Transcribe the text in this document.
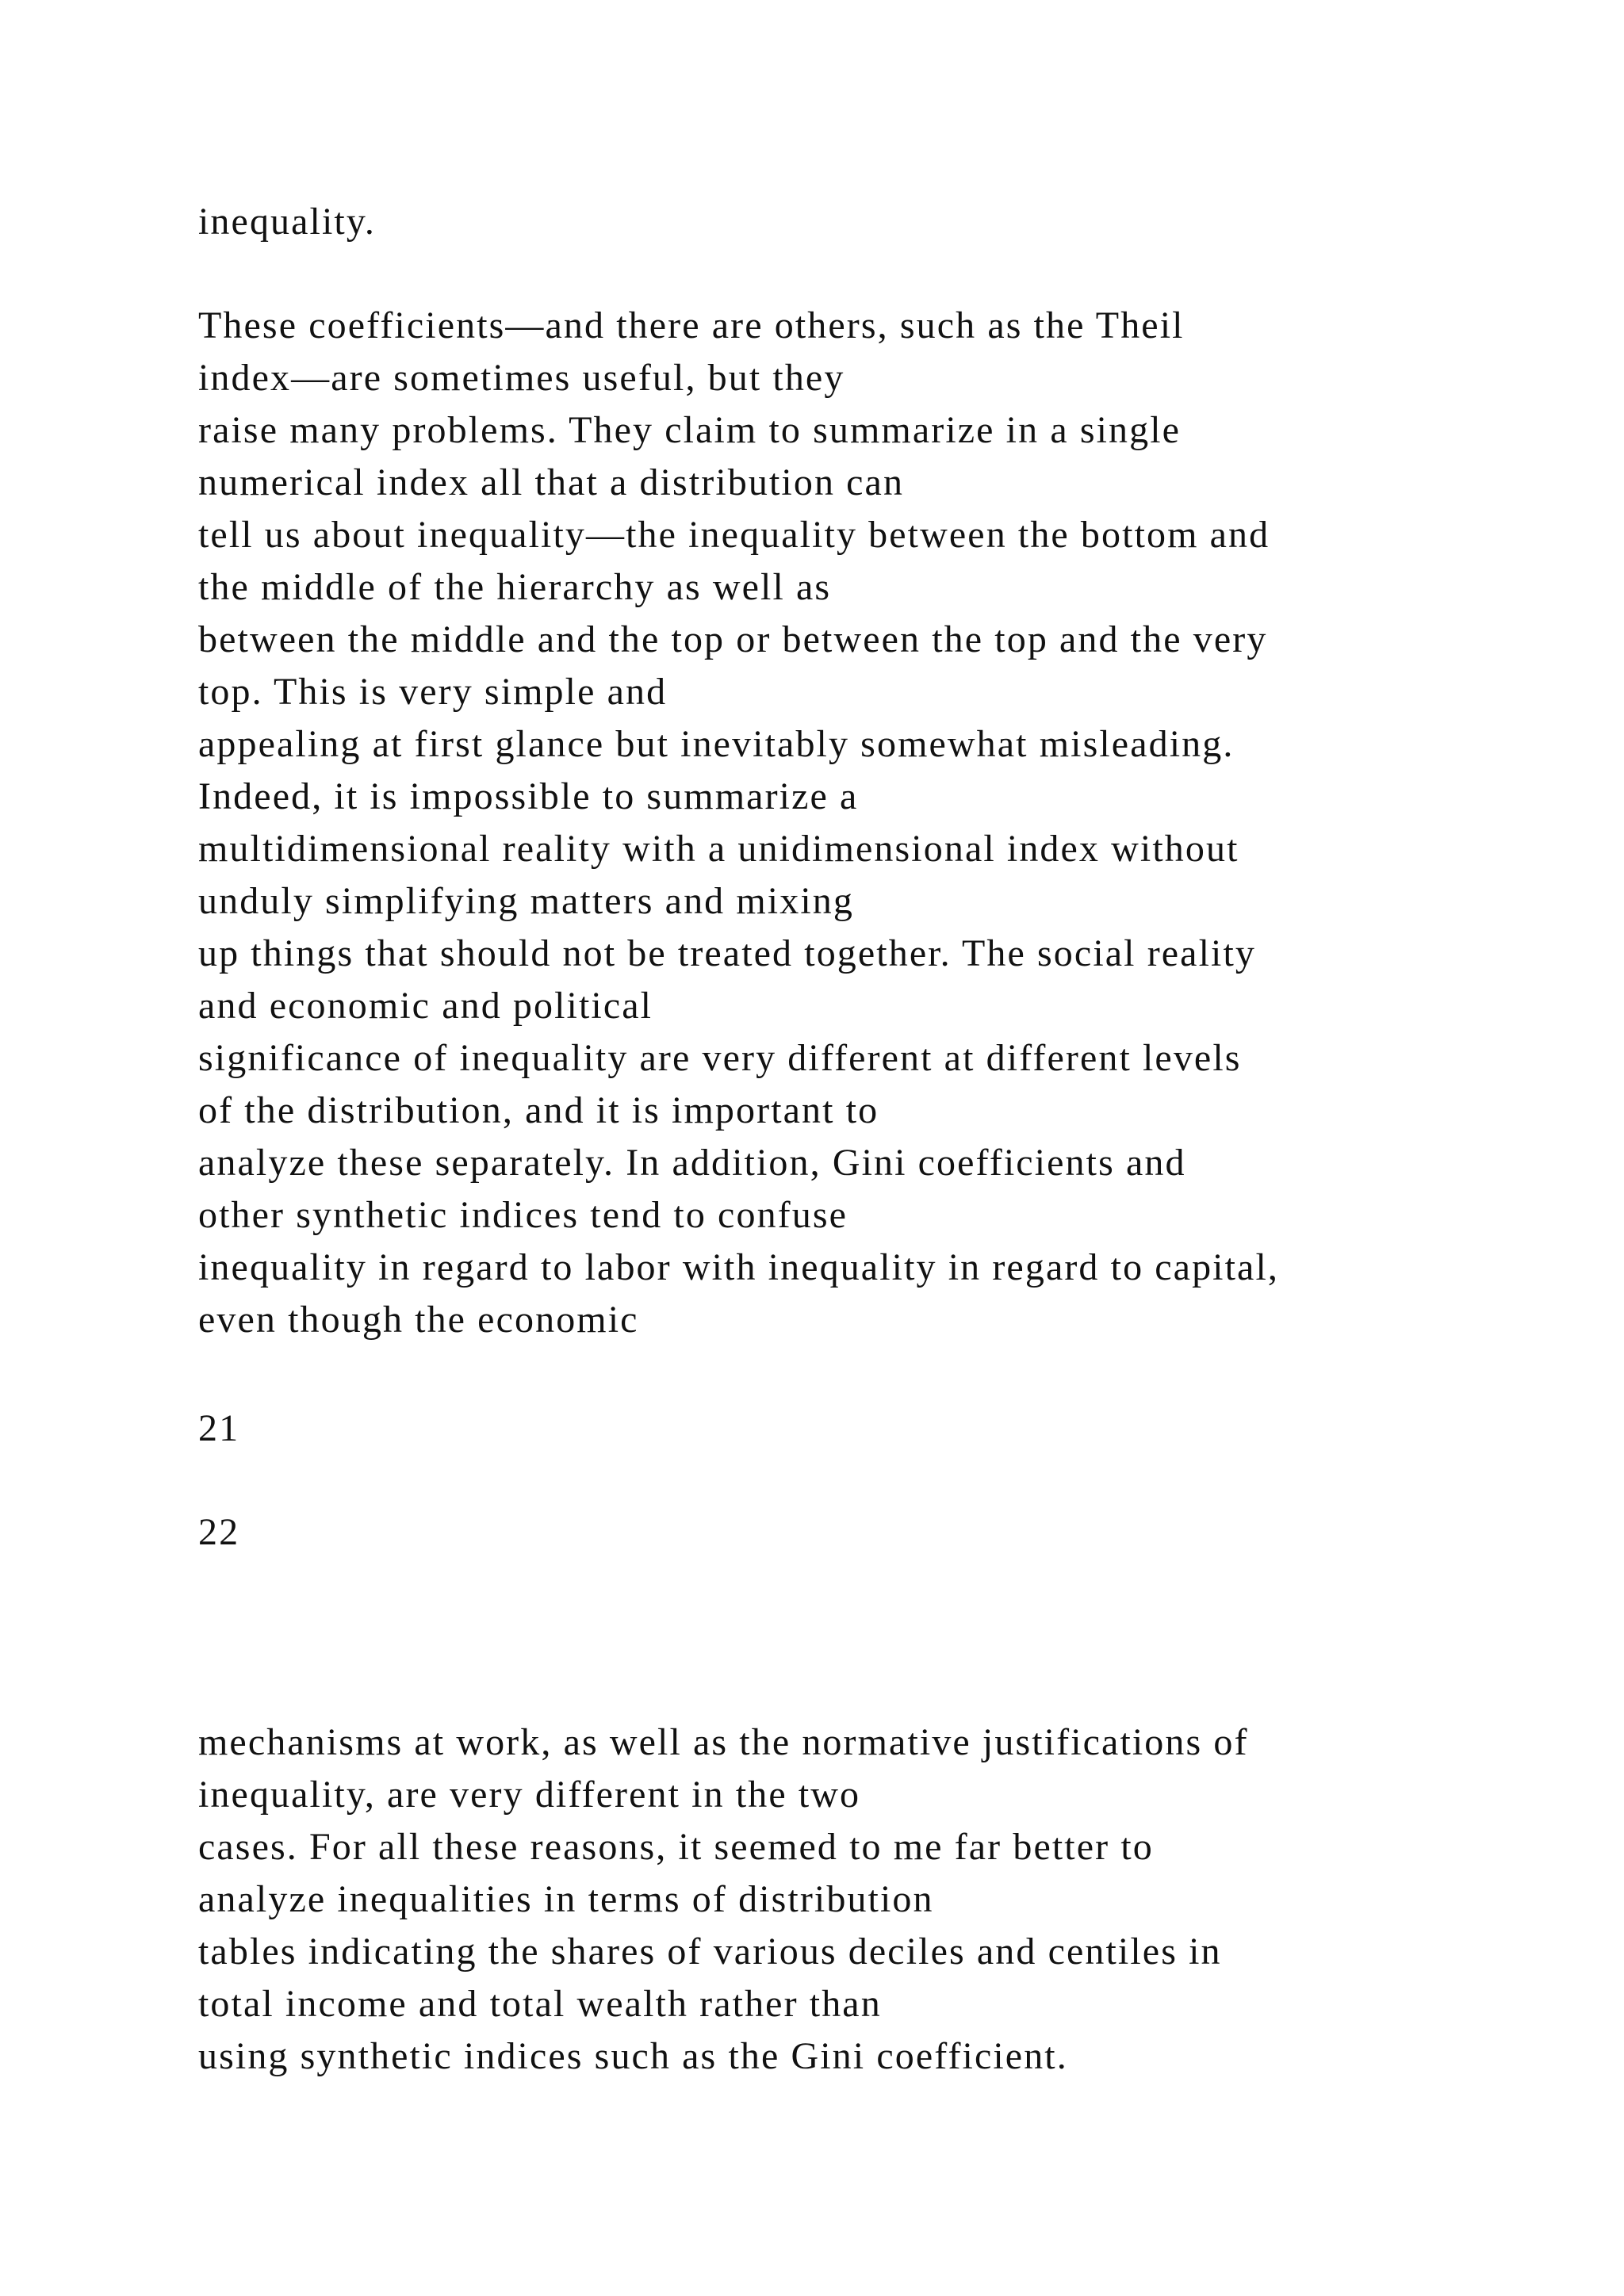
inequality.

These coefficients—and there are others, such as the Theil
index—are sometimes useful, but they
raise many problems. They claim to summarize in a single
numerical index all that a distribution can
tell us about inequality—the inequality between the bottom and
the middle of the hierarchy as well as
between the middle and the top or between the top and the very
top. This is very simple and
appealing at first glance but inevitably somewhat misleading.
Indeed, it is impossible to summarize a
multidimensional reality with a unidimensional index without
unduly simplifying matters and mixing
up things that should not be treated together. The social reality
and economic and political
significance of inequality are very different at different levels
of the distribution, and it is important to
analyze these separately. In addition, Gini coefficients and
other synthetic indices tend to confuse
inequality in regard to labor with inequality in regard to capital,
even though the economic

21

22

mechanisms at work, as well as the normative justifications of
inequality, are very different in the two
cases. For all these reasons, it seemed to me far better to
analyze inequalities in terms of distribution
tables indicating the shares of various deciles and centiles in
total income and total wealth rather than
using synthetic indices such as the Gini coefficient.
